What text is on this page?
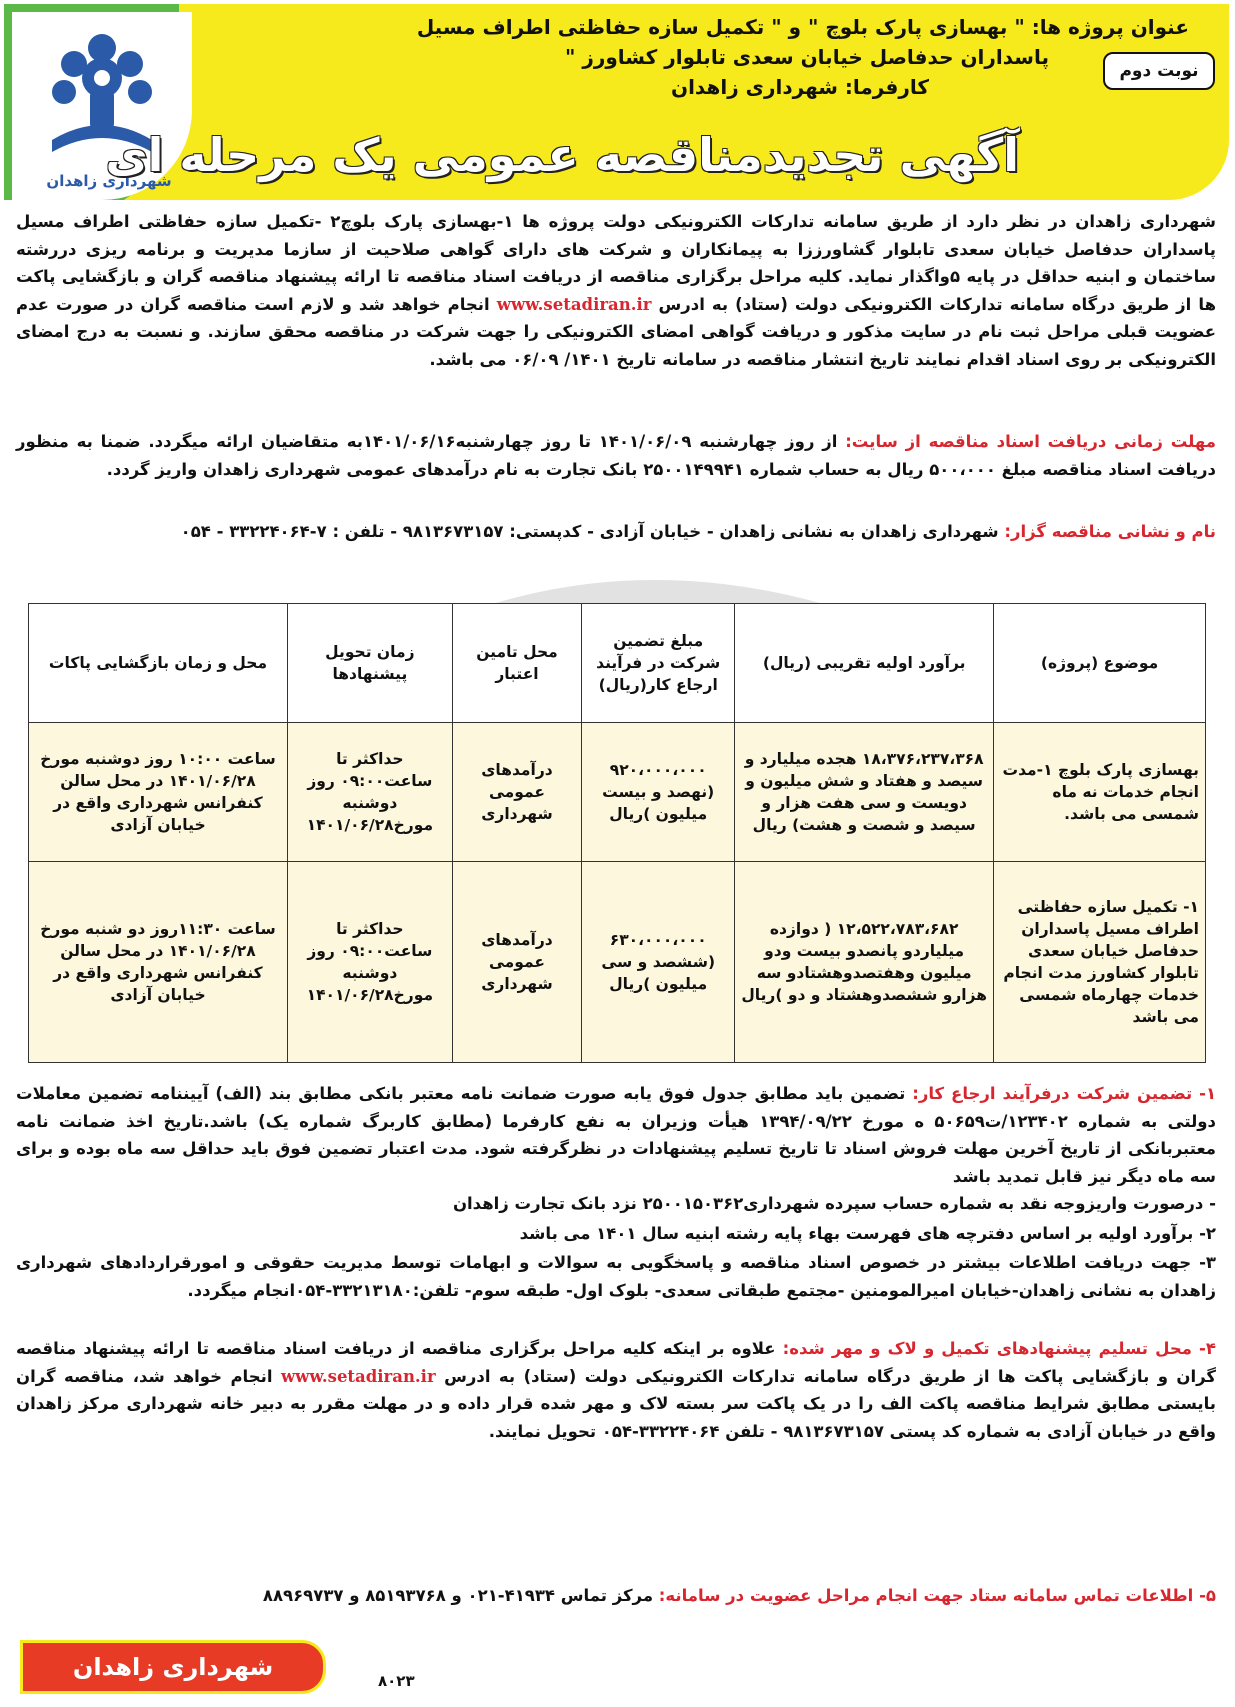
شهرداری زاهدان
عنوان پروژه ها: " بهسازی پارک بلوچ " و " تکمیل سازه حفاظتی اطراف مسیل
پاسداران حدفاصل خیابان سعدی تابلوار کشاورز "
کارفرما: شهرداری زاهدان
نوبت دوم
آگهی تجدیدمناقصه عمومی یک مرحله ای
شهرداری زاهدان در نظر دارد از طریق سامانه تدارکات الکترونیکی دولت پروژه ها ۱-بهسازی پارک بلوچ۲ -تکمیل سازه حفاظتی اطراف مسیل پاسداران حدفاصل خیابان سعدی تابلوار گشاورززا به پیمانکاران و شرکت های دارای گواهی صلاحیت از سازما مدیریت و برنامه ریزی دررشته ساختمان و ابنیه حداقل در پایه ۵واگذار نماید. کلیه مراحل برگزاری مناقصه از دریافت اسناد مناقصه تا ارائه پیشنهاد مناقصه گران و بازگشایی پاکت ها از طریق درگاه سامانه تدارکات الکترونیکی دولت (ستاد) به ادرس www.setadiran.ir انجام خواهد شد و لازم است مناقصه گران در صورت عدم عضویت قبلی مراحل ثبت نام در سایت مذکور و دریافت گواهی امضای الکترونیکی را جهت شرکت در مناقصه محقق سازند. و نسبت به درج امضای الکترونیکی بر روی اسناد اقدام نمایند تاریخ انتشار مناقصه در سامانه تاریخ ۱۴۰۱/ ۰۶/۰۹ می باشد.
مهلت زمانی دریافت اسناد مناقصه از سایت: از روز چهارشنبه ۱۴۰۱/۰۶/۰۹ تا روز چهارشنبه۱۴۰۱/۰۶/۱۶به متقاضیان ارائه میگردد. ضمنا به منظور دریافت اسناد مناقصه مبلغ ۵۰۰،۰۰۰ ریال به حساب شماره ۲۵۰۰۱۴۹۹۴۱ بانک تجارت به نام درآمدهای عمومی شهرداری زاهدان واریز گردد.
نام و نشانی مناقصه گزار: شهرداری زاهدان به نشانی زاهدان - خیابان آزادی - کدپستی: ۹۸۱۳۶۷۳۱۵۷ - تلفن : ۷-۳۳۲۲۴۰۶۴ - ۰۵۴
موضوع (پروژه)	برآورد اولیه تقریبی (ریال)	مبلغ تضمین شرکت در فرآیند ارجاع کار(ریال)	محل تامین اعتبار	زمان تحویل پیشنهادها	محل و زمان بازگشایی پاکات
بهسازی پارک بلوچ ۱-مدت انجام خدمات نه ماه شمسی می باشد.	۱۸،۳۷۶،۲۳۷،۳۶۸ هجده میلیارد و سیصد و هفتاد و شش میلیون و دویست و سی هفت هزار و سیصد و شصت و هشت) ریال	۹۲۰،۰۰۰،۰۰۰ (نهصد و بیست میلیون )ریال	درآمدهای عمومی شهرداری	حداکثر تا ساعت۰۹:۰۰ روز دوشنبه مورخ۱۴۰۱/۰۶/۲۸	ساعت ۱۰:۰۰ روز دوشنبه مورخ ۱۴۰۱/۰۶/۲۸ در محل سالن کنفرانس شهرداری واقع در خیابان آزادی
۱- تکمیل سازه حفاظتی اطراف مسیل پاسداران حدفاصل خیابان سعدی تابلوار کشاورز مدت انجام خدمات چهارماه شمسی می باشد	۱۲،۵۲۲،۷۸۳،۶۸۲ ( دوازده میلیاردو پانصدو بیست ودو میلیون وهفتصدوهشتادو سه هزارو ششصدوهشتاد و دو )ریال	۶۳۰،۰۰۰،۰۰۰ (ششصد و سی میلیون )ریال	درآمدهای عمومی شهرداری	حداکثر تا ساعت۰۹:۰۰ روز دوشنبه مورخ۱۴۰۱/۰۶/۲۸	ساعت ۱۱:۳۰روز دو شنبه مورخ ۱۴۰۱/۰۶/۲۸ در محل سالن کنفرانس شهرداری واقع در خیابان آزادی
۱- تضمین شرکت درفرآیند ارجاع کار: تضمین باید مطابق جدول فوق یابه صورت ضمانت نامه معتبر بانکی مطابق بند (الف) آییننامه تضمین معاملات دولتی به شماره ۱۲۳۴۰۲/ت۵۰۶۵۹ ه مورخ ۱۳۹۴/۰۹/۲۲ هیأت وزیران به نفع کارفرما (مطابق کاربرگ شماره یک) باشد.تاریخ اخذ ضمانت نامه معتبربانکی از تاریخ آخرین مهلت فروش اسناد تا تاریخ تسلیم پیشنهادات در نظرگرفته شود. مدت اعتبار تضمین فوق باید حداقل سه ماه بوده و برای سه ماه دیگر نیز قابل تمدید باشد
- درصورت واریزوجه نقد به شماره حساب سپرده شهرداری۲۵۰۰۱۵۰۳۶۲ نزد بانک تجارت زاهدان
۲- برآورد اولیه بر اساس دفترچه های فهرست بهاء پایه رشته ابنیه سال ۱۴۰۱ می باشد
۳- جهت دریافت اطلاعات بیشتر در خصوص اسناد مناقصه و پاسخگویی به سوالات و ابهامات توسط مدیریت حقوقی و امورقراردادهای شهرداری زاهدان به نشانی زاهدان-خیابان امیرالمومنین -مجتمع طبقاتی سعدی- بلوک اول- طبقه سوم- تلفن:۳۳۲۱۳۱۸۰-۰۵۴انجام میگردد.
۴- محل تسلیم پیشنهادهای تکمیل و لاک و مهر شده: علاوه بر اینکه کلیه مراحل برگزاری مناقصه از دریافت اسناد مناقصه تا ارائه پیشنهاد مناقصه گران و بازگشایی پاکت ها از طریق درگاه سامانه تدارکات الکترونیکی دولت (ستاد) به ادرس www.setadiran.ir انجام خواهد شد، مناقصه گران بایستی مطابق شرایط مناقصه پاکت الف را در یک پاکت سر بسته لاک و مهر شده قرار داده و در مهلت مقرر به دبیر خانه شهرداری مرکز زاهدان واقع در خیابان آزادی به شماره کد پستی ۹۸۱۳۶۷۳۱۵۷ - تلفن ۳۳۲۲۴۰۶۴-۰۵۴ تحویل نمایند.
۵- اطلاعات تماس سامانه ستاد جهت انجام مراحل عضویت در سامانه: مرکز تماس ۴۱۹۳۴-۰۲۱ و ۸۵۱۹۳۷۶۸ و ۸۸۹۶۹۷۳۷
شهرداری زاهدان	۸۰۲۳
